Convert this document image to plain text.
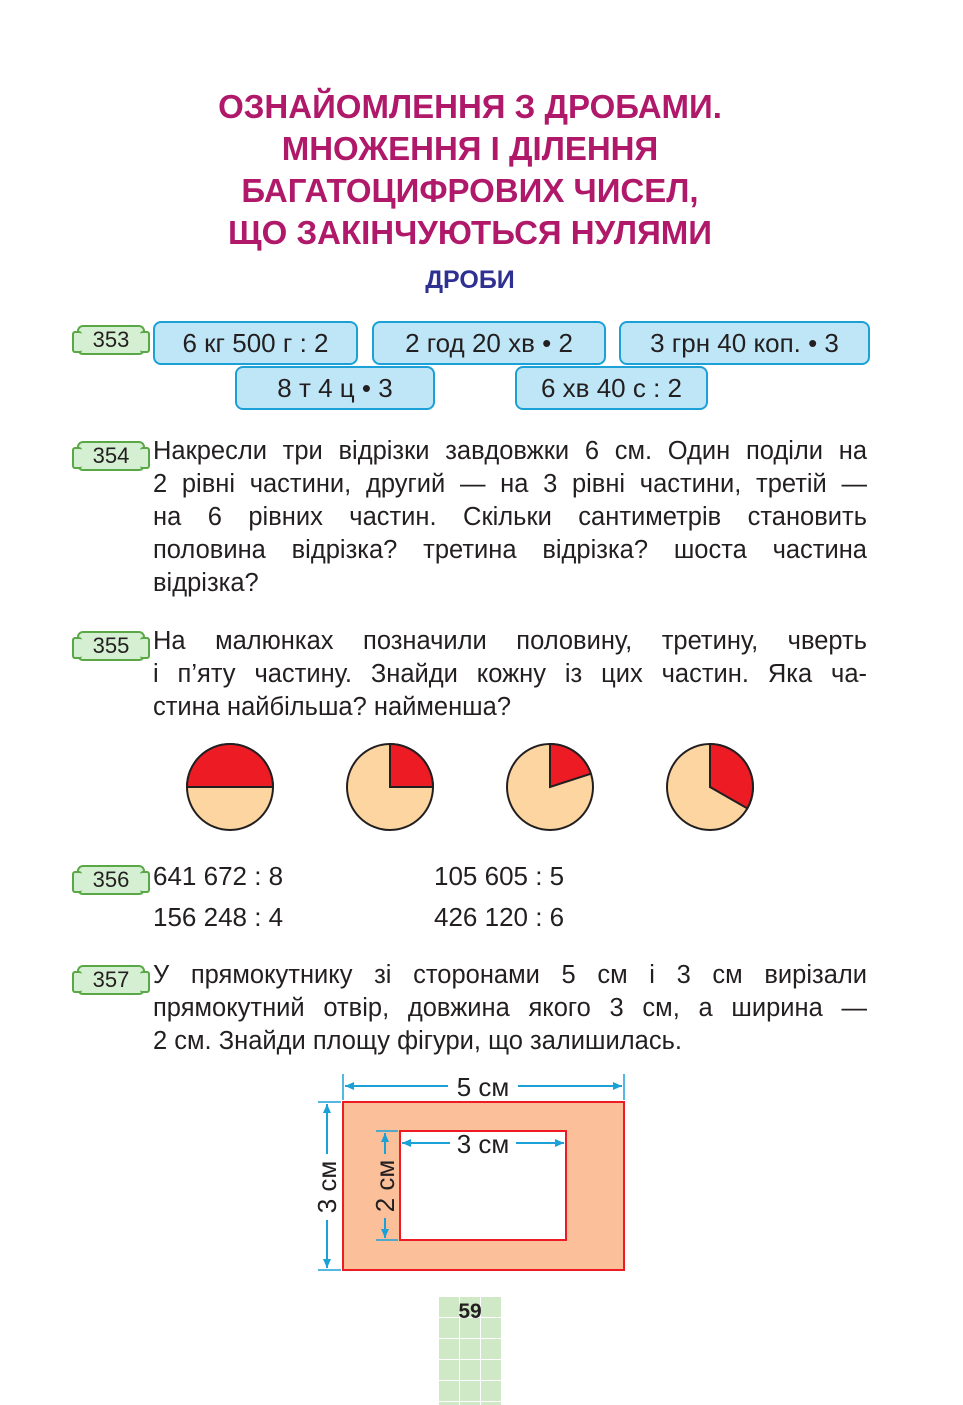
ОЗНАЙОМЛЕННЯ З ДРОБАМИ.
МНОЖЕННЯ І ДІЛЕННЯ
БАГАТОЦИФРОВИХ ЧИСЕЛ,
ЩО ЗАКІНЧУЮТЬСЯ НУЛЯМИ
ДРОБИ
353	6 кг 500 г : 2	2 год 20 хв • 2	3 грн 40 коп. • 3
8 т 4 ц • 3	6 хв 40 с : 2
354 Накресли три відрізки завдовжки 6 см. Один поділи на
2 рівні частини, другий — на 3 рівні частини, третій —
на 6 рівних частин. Скільки сантиметрів становить
половина відрізка? третина відрізка? шоста частина
відрізка?
355 На малюнках позначили половину, третину, чверть
і п’яту частину. Знайди кожну із цих частин. Яка ча-
стина найбільша? найменша?
356 641 672 : 8	105 605 : 5
156 248 : 4	426 120 : 6
357 У прямокутнику зі сторонами 5 см і 3 см вирізали
прямокутний отвір, довжина якого 3 см, а ширина —
2 см. Знайди площу фігури, що залишилась.
5 см
3 см
3 см
2 см
59
